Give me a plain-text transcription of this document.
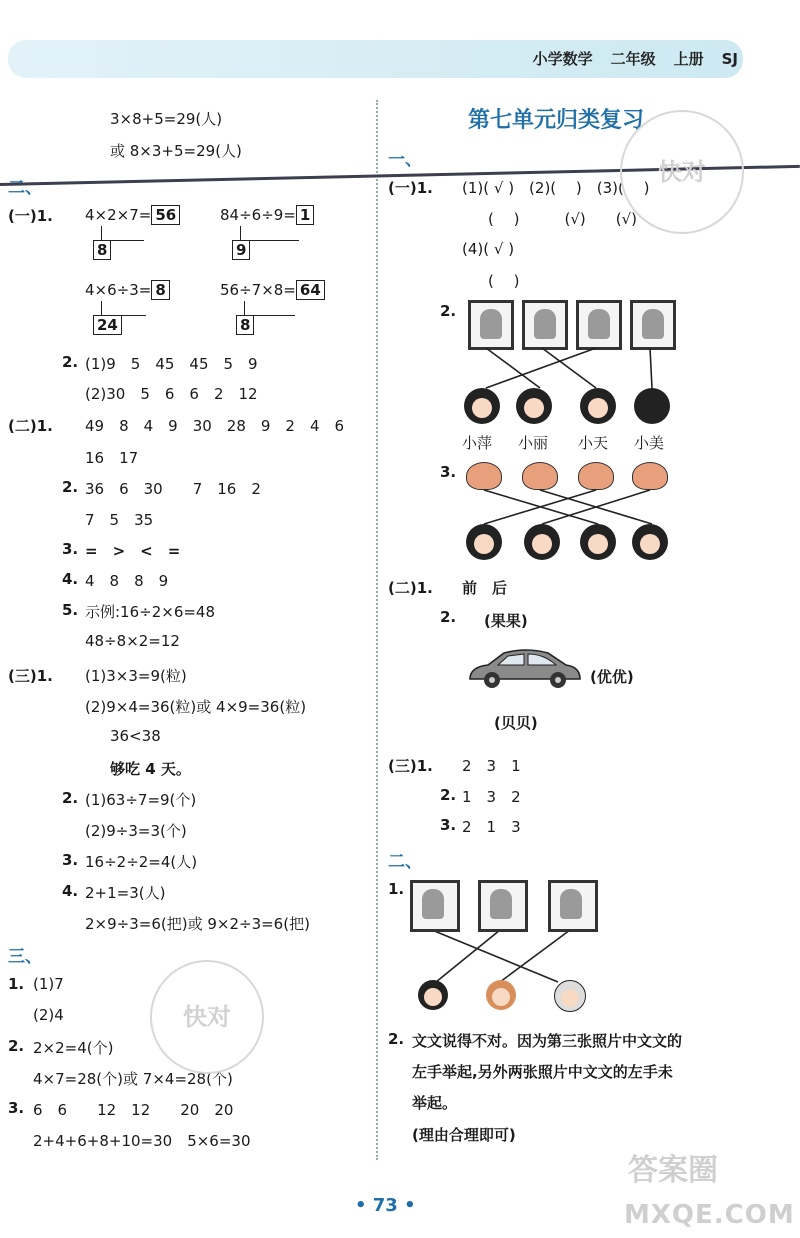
小学数学 二年级 上册 SJ
3×8+5=29(人)
或 8×3+5=29(人)
二、
(一)1. 4×2×7= 56	84÷6÷9= 1
8	9
4×6÷3= 8	56÷7×8= 64
24	8
2. (1)9　5　45　45　5　9
(2)30　5　6　6　2　12
(二)1. 49　8　4　9　30　28　9　2　4　6
16　17
2. 36　6　30　　7　16　2
7　5　35
3. =　>　<　=
4. 4　8　8　9
5. 示例:16÷2×6=48
48÷8×2=12
(三)1. (1)3×3=9(粒)
(2)9×4=36(粒)或 4×9=36(粒)
36<38
够吃 4 天。
2. (1)63÷7=9(个)
(2)9÷3=3(个)
3. 16÷2÷2=4(人)
4. 2+1=3(人)
2×9÷3=6(把)或 9×2÷3=6(把)
三、
1. (1)7
(2)4
2. 2×2=4(个)
4×7=28(个)或 7×4=28(个)
3. 6　6　　12　12　　20　20
2+4+6+8+10=30　5×6=30
第七单元归类复习
一、
(一)1. (1)( √ )　(2)(　 )　(3)(　 )
(　 )　　　(√)　　(√)
(4)( √ )
(　 )
2.
小萍 小丽 小天 小美
3.
(二)1. 前　后
2. (果果)
(优优)
(贝贝)
(三)1. 2　3　1
2. 1　3　2
3. 2　1　3
二、
1.
2. 文文说得不对。因为第三张照片中文文的
左手举起,另外两张照片中文文的左手未
举起。
(理由合理即可)
快对
快对
答案圈
MXQE.COM
• 73 •
